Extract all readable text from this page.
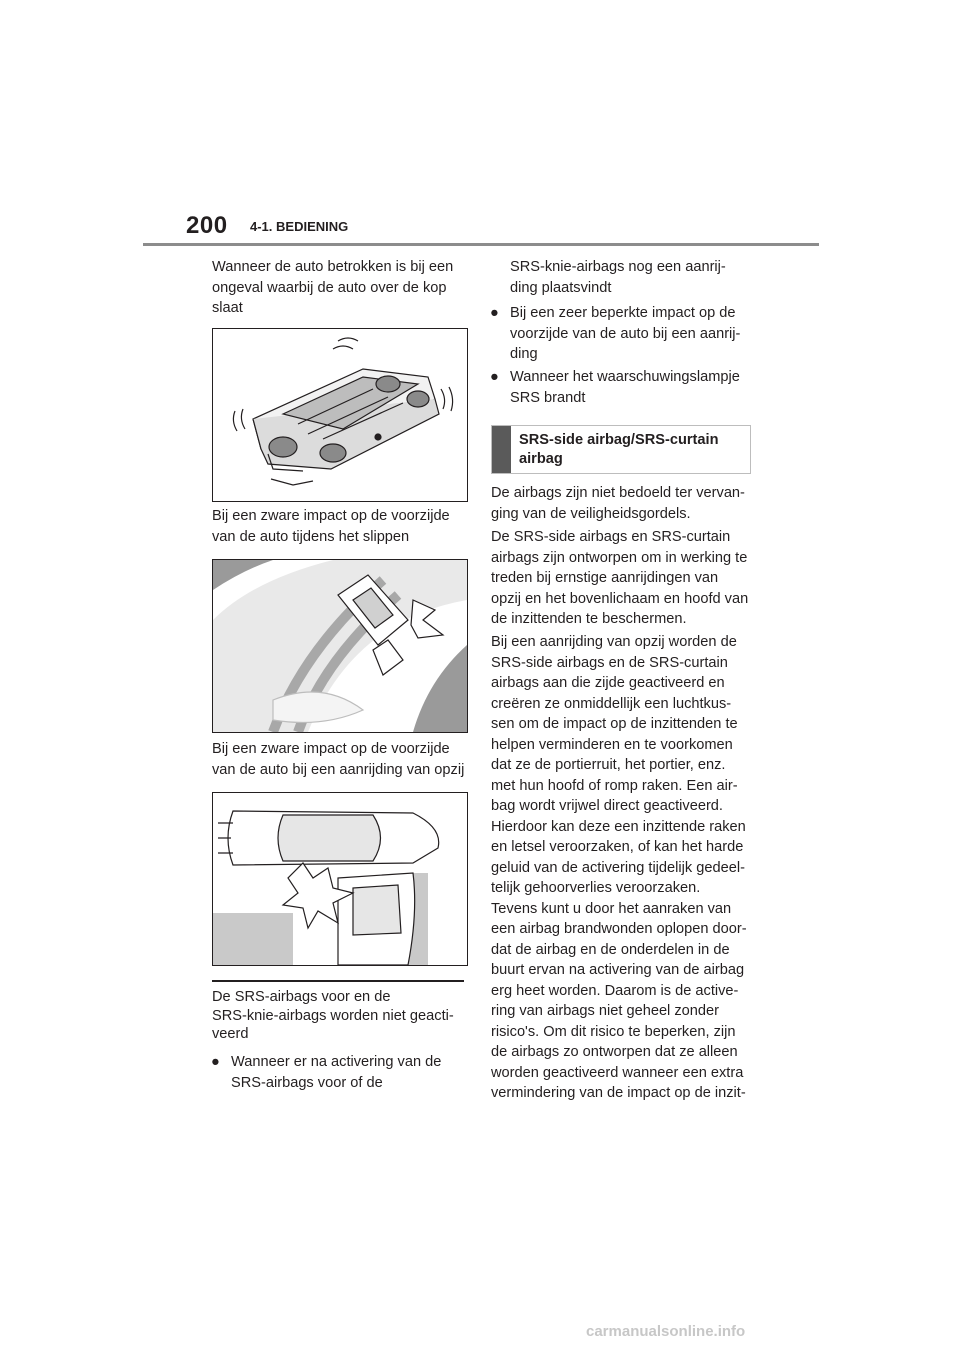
200 4-1. BEDIENING
Wanneer de auto betrokken is bij een
ongeval waarbij de auto over de kop
slaat
Bij een zware impact op de voorzijde
van de auto tijdens het slippen
Bij een zware impact op de voorzijde
van de auto bij een aanrijding van opzij
De SRS-airbags voor en de
SRS-knie-airbags worden niet geacti-
veerd
● Wanneer er na activering van de
SRS-airbags voor of de
SRS-knie-airbags nog een aanrij-
ding plaatsvindt
● Bij een zeer beperkte impact op de
voorzijde van de auto bij een aanrij-
ding
● Wanneer het waarschuwingslampje
SRS brandt
SRS-side airbag/SRS-curtain
airbag
De airbags zijn niet bedoeld ter vervan-
ging van de veiligheidsgordels.
De SRS-side airbags en SRS-curtain
airbags zijn ontworpen om in werking te
treden bij ernstige aanrijdingen van
opzij en het bovenlichaam en hoofd van
de inzittenden te beschermen.
Bij een aanrijding van opzij worden de
SRS-side airbags en de SRS-curtain
airbags aan die zijde geactiveerd en
creëren ze onmiddellijk een luchtkus-
sen om de impact op de inzittenden te
helpen verminderen en te voorkomen
dat ze de portierruit, het portier, enz.
met hun hoofd of romp raken. Een air-
bag wordt vrijwel direct geactiveerd.
Hierdoor kan deze een inzittende raken
en letsel veroorzaken, of kan het harde
geluid van de activering tijdelijk gedeel-
telijk gehoorverlies veroorzaken.
Tevens kunt u door het aanraken van
een airbag brandwonden oplopen door-
dat de airbag en de onderdelen in de
buurt ervan na activering van de airbag
erg heet worden. Daarom is de active-
ring van airbags niet geheel zonder
risico's. Om dit risico te beperken, zijn
de airbags zo ontworpen dat ze alleen
worden geactiveerd wanneer een extra
vermindering van de impact op de inzit-
carmanualsonline.info
